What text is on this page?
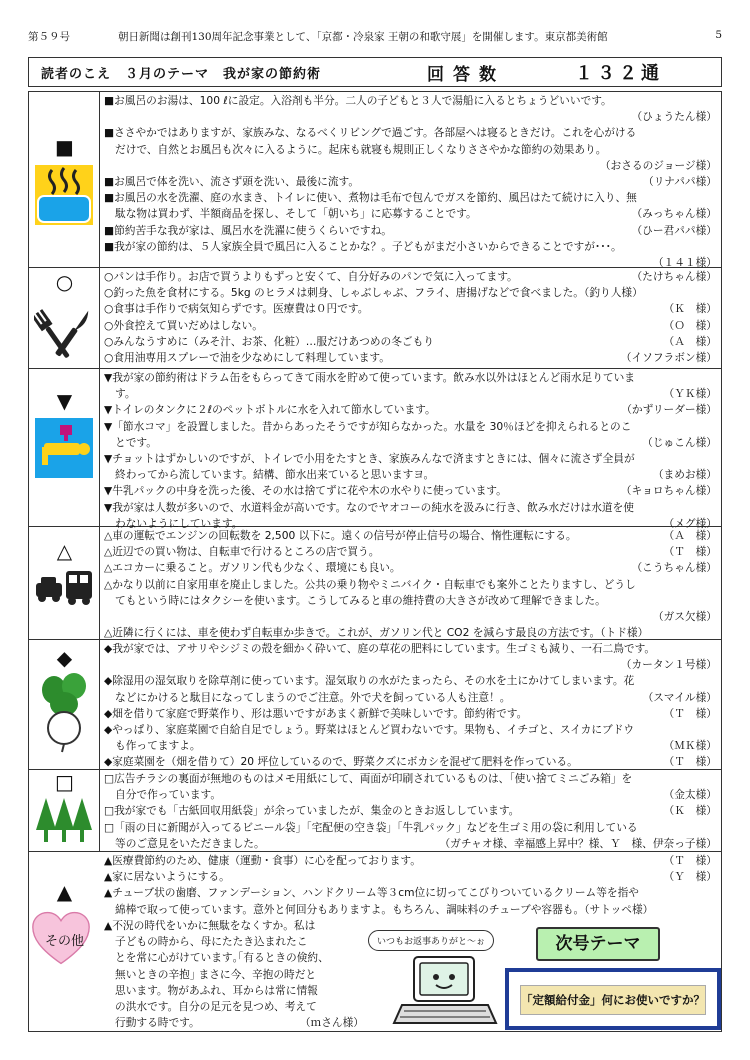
第５９号	朝日新聞は創刊130周年記念事業として、「京都・冷泉家 王朝の和歌守展」を開催します。東京都美術館	5
読者のこえ　３月のテーマ　我が家の節約術	回答数	１３２通
■

■お風呂のお湯は、100 ℓに設定。入浴剤も半分。二人の子どもと３人で湯船に入るとちょうどいいです。

（ひょうたん様）

■ささやかではありますが、家族みな、なるべくリビングで過ごす。各部屋へは寝るときだけ。これを心がける

だけで、自然とお風呂も次々に入るように。起床も就寝も規則正しくなりささやかな節約の効果あり。

（おさるのジョージ様）

■お風呂で体を洗い、流さず頭を洗い、最後に流す。	（リナパパ様）

■お風呂の水を洗濯、庭の水まき、トイレに使い、煮物は毛布で包んでガスを節約、風呂はたて続けに入り、無

駄な物は買わず、半額商品を探し、そして「朝いち」に応募することです。	（みっちゃん様）
■節約苦手な我が家は、風呂水を洗濯に使うくらいですね。	（ひー君パパ様）

■我が家の節約は、５人家族全員で風呂に入ることかな？。子どもがまだ小さいからできることですが･･･。

（１４１様）

○	○パンは手作り。お店で買うよりもずっと安くて、自分好みのパンで気に入ってます。	（たけちゃん様）

○釣った魚を食材にする。5kg のヒラメは刺身、しゃぶしゃぶ、フライ、唐揚げなどで食べました。（釣り人様）

○食事は手作りで病気知らずです。医療費は０円です。	（Ｋ　様）
○外食控えて買いだめはしない。	（Ｏ　様）
○みんなうすめに（みそ汁、お茶、化粧）…服だけあつめの冬ごもり	（Ａ　様）
○食用油専用スプレーで油を少なめにして料理しています。	（イソフラボン様）
▼

▼我が家の節約術はドラム缶をもらってきて雨水を貯めて使っています。飲み水以外はほとんど雨水足りていま

す。	（ＹＫ様）
▼トイレのタンクに２ℓのペットボトルに水を入れて節水しています。	（かずリーダー様）

▼「節水コマ」を設置しました。昔からあったそうですが知らなかった。水量を 30％ほどを抑えられるとのこ

とです。	（じゅこん様）

▼チョットはずかしいのですが、トイレで小用をたすとき、家族みんなで済ますときには、個々に流さず全員が

終わってから流しています。結構、節水出来ていると思いますヨ。	（まめお様）
▼牛乳パックの中身を洗った後、その水は捨てずに花や木の水やりに使っています。	（キョロちゃん様）

▼我が家は人数が多いので、水道料金が高いです。なのでヤオコーの純水を汲みに行き、飲み水だけは水道を使

わないようにしています。	（メグ様）
△
△車の運転でエンジンの回転数を 2,500 以下に。遠くの信号が停止信号の場合、惰性運転にする。	（Ａ　様）
△近辺での買い物は、自転車で行けるところの店で買う。	（Ｔ　様）
△エコカーに乗ること。ガソリン代も少なく、環境にも良い。	（こうちゃん様）

△かなり以前に自家用車を廃止しました。公共の乗り物やミニバイク・自転車でも案外ことたりますし、どうし

てもという時にはタクシーを使います。こうしてみると車の維持費の大きさが改めて理解できました。

（ガス欠様）

△近隣に行くには、車を使わず自転車か歩きで。これが、ガソリン代と CO2 を減らす最良の方法です。（トド様）

◆	◆我が家では、アサリやシジミの殻を細かく砕いて、庭の草花の肥料にしています。生ゴミも減り、一石二鳥です。

（カータン１号様）

◆除湿用の湿気取りを除草剤に使っています。湿気取りの水がたまったら、その水を土にかけてしまいます。花

などにかけると駄目になってしまうのでご注意。外で犬を飼っている人も注意！。	（スマイル様）
◆畑を借りて家庭で野菜作り、形は悪いですがあまく新鮮で美味しいです。節約術です。	（Ｔ　様）

◆やっぱり、家庭菜園で自給自足でしょう。野菜はほとんど買わないです。果物も、イチゴと、スイカにブドウ

も作ってますよ。	（ＭＫ様）
◆家庭菜園を（畑を借りて）20 坪位しているので、野菜クズにボカシを混ぜて肥料を作っている。	（Ｔ　様）
□	□広告チラシの裏面が無地のものはメモ用紙にして、両面が印刷されているものは、「使い捨てミニごみ箱」を

自分で作っています。	（金太様）
□我が家でも「古紙回収用紙袋」が余っていましたが、集金のときお返ししています。	（Ｋ　様）

□「雨の日に新聞が入ってるビニール袋」「宅配便の空き袋」「牛乳パック」などを生ゴミ用の袋に利用している

等のご意見をいただきました。	（ガチャオ様、幸福感上昇中？様、Ｙ　様、伊奈っ子様）
▲
その他
▲医療費節約のため、健康（運動・食事）に心を配っております。	（Ｔ　様）
▲家に居ないようにする。	（Ｙ　様）

▲チューブ状の歯磨、ファンデーション、ハンドクリーム等３cm位に切ってこびりついているクリーム等を指や

綿棒で取って使っています。意外と何回分もありますよ。もちろん、調味料のチューブや容器も。（サトッペ様）

▲不況の時代をいかに無駄をなくすか。私は

子どもの時から、母にたたき込まれたこ

とを常に心がけています｡｢有るときの倹約、

無いときの辛抱｣ まさに今、辛抱の時だと

思います。物があふれ、耳からは常に情報

の洪水です。自分の足元を見つめ、考えて

行動する時です。	（ｍさん様）
いつもお返事ありがと〜ぉ	次号テーマ
「定額給付金」何にお使いですか？
